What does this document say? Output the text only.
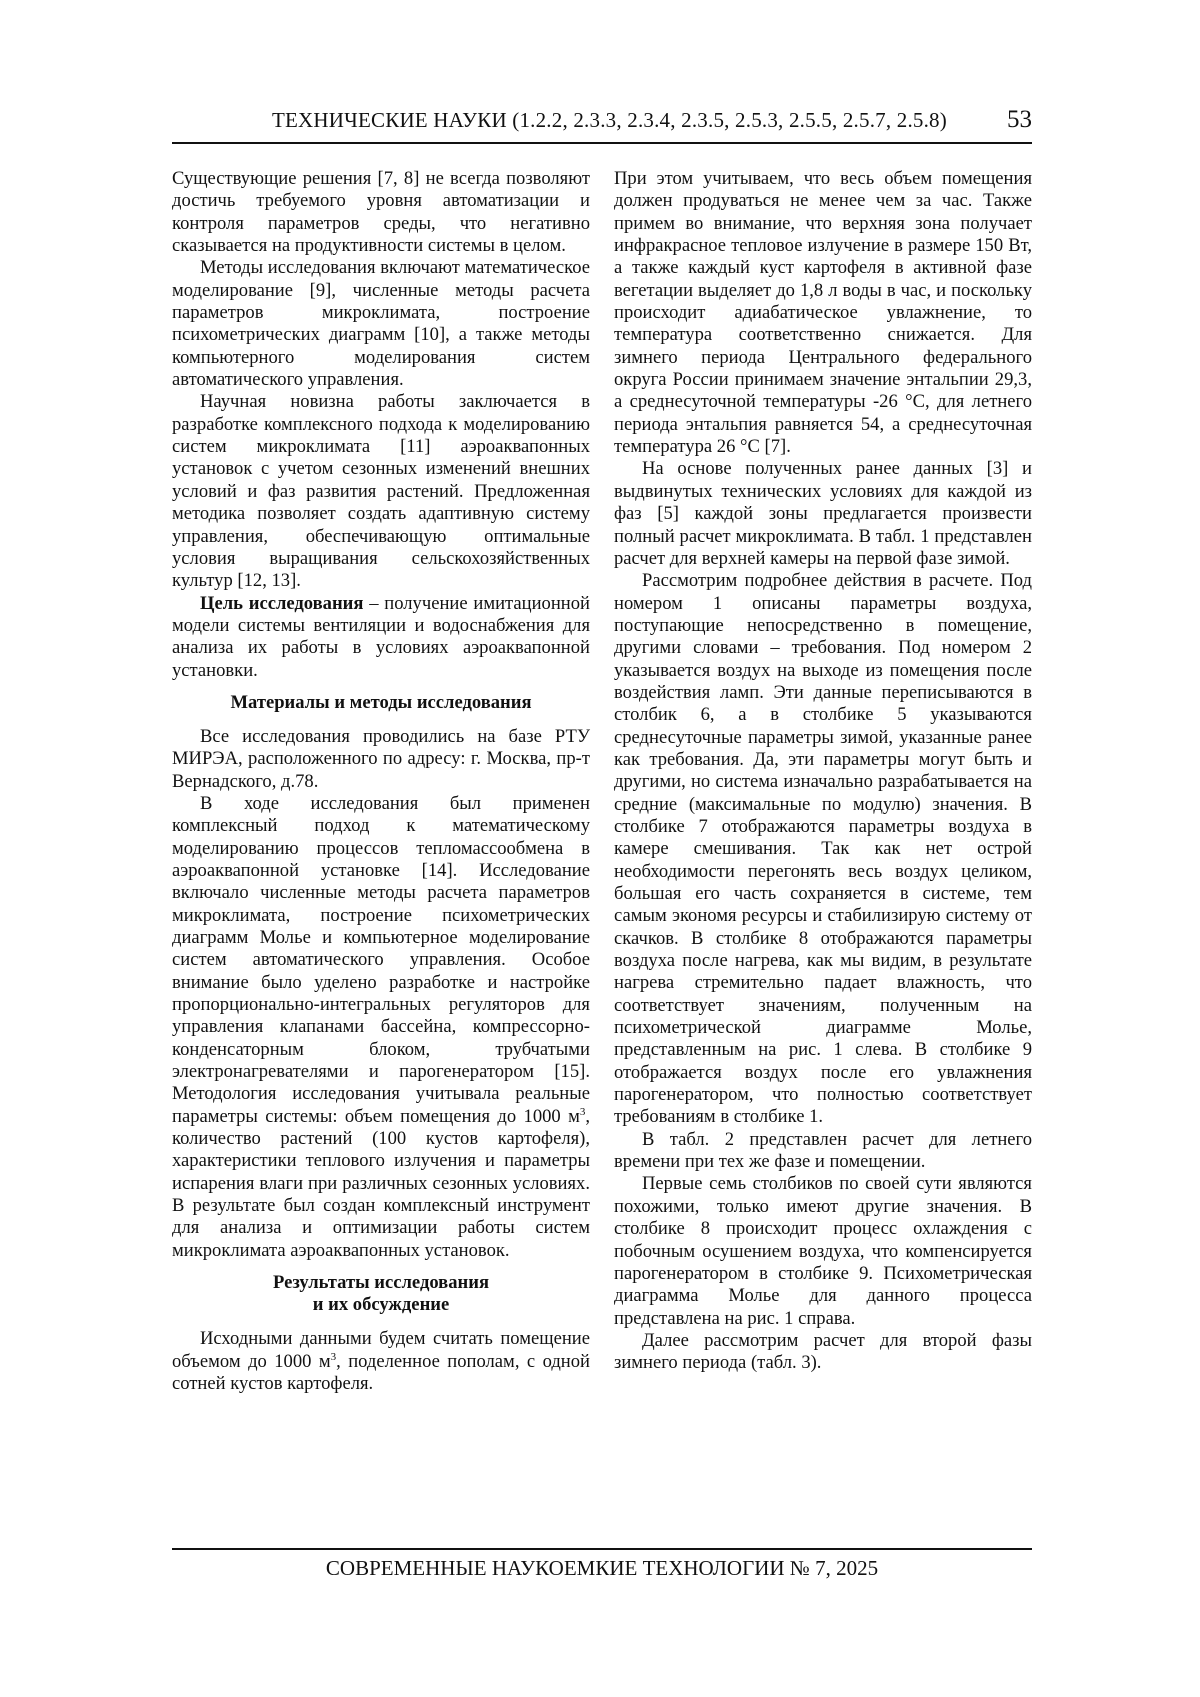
ТЕХНИЧЕСКИЕ НАУКИ (1.2.2, 2.3.3, 2.3.4, 2.3.5, 2.5.3, 2.5.5, 2.5.7, 2.5.8) 53

Существующие решения [7, 8] не всегда позволяют достичь требуемого уровня автоматизации и контроля параметров среды, что негативно сказывается на продуктивности системы в целом.

Методы исследования включают математическое моделирование [9], численные методы расчета параметров микроклимата, построение психометрических диаграмм [10], а также методы компьютерного моделирования систем автоматического управления.

Научная новизна работы заключается в разработке комплексного подхода к моделированию систем микроклимата [11] аэроаквапонных установок с учетом сезонных изменений внешних условий и фаз развития растений. Предложенная методика позволяет создать адаптивную систему управления, обеспечивающую оптимальные условия выращивания сельскохозяйственных культур [12, 13].

Цель исследования – получение имитационной модели системы вентиляции и водоснабжения для анализа их работы в условиях аэроаквапонной установки.

Материалы и методы исследования

Все исследования проводились на базе РТУ МИРЭА, расположенного по адресу: г. Москва, пр-т Вернадского, д.78.

В ходе исследования был применен комплексный подход к математическому моделированию процессов тепломассообмена в аэроаквапонной установке [14]. Исследование включало численные методы расчета параметров микроклимата, построение психометрических диаграмм Молье и компьютерное моделирование систем автоматического управления. Особое внимание было уделено разработке и настройке пропорционально-интегральных регуляторов для управления клапанами бассейна, компрессорно-конденсаторным блоком, трубчатыми электронагревателями и парогенератором [15]. Методология исследования учитывала реальные параметры системы: объем помещения до 1000 $м^3$, количество растений (100 кустов картофеля), характеристики теплового излучения и параметры испарения влаги при различных сезонных условиях. В результате был создан комплексный инструмент для анализа и оптимизации работы систем микроклимата аэроаквапонных установок.

Результаты исследования
и их обсуждение

Исходными данными будем считать помещение объемом до 1000 $м^3$, поделенное пополам, с одной сотней кустов картофеля.

При этом учитываем, что весь объем помещения должен продуваться не менее чем за час. Также примем во внимание, что верхняя зона получает инфракрасное тепловое излучение в размере 150 Вт, а также каждый куст картофеля в активной фазе вегетации выделяет до 1,8 л воды в час, и поскольку происходит адиабатическое увлажнение, то температура соответственно снижается. Для зимнего периода Центрального федерального округа России принимаем значение энтальпии 29,3, а среднесуточной температуры -26 °С, для летнего периода энтальпия равняется 54, а среднесуточная температура 26 °С [7].

На основе полученных ранее данных [3] и выдвинутых технических условиях для каждой из фаз [5] каждой зоны предлагается произвести полный расчет микроклимата. В табл. 1 представлен расчет для верхней камеры на первой фазе зимой.

Рассмотрим подробнее действия в расчете. Под номером 1 описаны параметры воздуха, поступающие непосредственно в помещение, другими словами – требования. Под номером 2 указывается воздух на выходе из помещения после воздействия ламп. Эти данные переписываются в столбик 6, а в столбике 5 указываются среднесуточные параметры зимой, указанные ранее как требования. Да, эти параметры могут быть и другими, но система изначально разрабатывается на средние (максимальные по модулю) значения. В столбике 7 отображаются параметры воздуха в камере смешивания. Так как нет острой необходимости перегонять весь воздух целиком, большая его часть сохраняется в системе, тем самым экономя ресурсы и стабилизирую систему от скачков. В столбике 8 отображаются параметры воздуха после нагрева, как мы видим, в результате нагрева стремительно падает влажность, что соответствует значениям, полученным на психометрической диаграмме Молье, представленным на рис. 1 слева. В столбике 9 отображается воздух после его увлажнения парогенератором, что полностью соответствует требованиям в столбике 1.

В табл. 2 представлен расчет для летнего времени при тех же фазе и помещении.

Первые семь столбиков по своей сути являются похожими, только имеют другие значения. В столбике 8 происходит процесс охлаждения с побочным осушением воздуха, что компенсируется парогенератором в столбике 9. Психометрическая диаграмма Молье для данного процесса представлена на рис. 1 справа.

Далее рассмотрим расчет для второй фазы зимнего периода (табл. 3).

СОВРЕМЕННЫЕ НАУКОЕМКИЕ ТЕХНОЛОГИИ № 7, 2025
